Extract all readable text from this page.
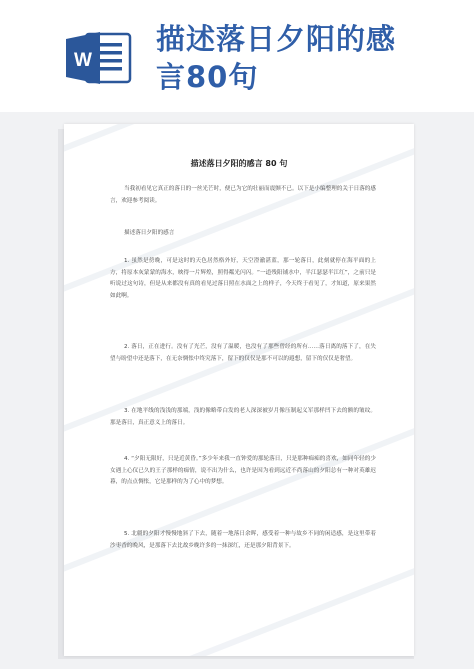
W
描述落日夕阳的感
言80句
描述落日夕阳的感言 80 句
当我初看见它真正的落日的一丝光芒时，便已为它的壮丽而震颤不已。以下是小编整理的关于日落的感言，欢迎参考阅读。
描述落日夕阳的感言
1. 虽然是傍晚，可是这时的天色居然格外好，天空澄澈湛蓝，那一轮落日，此刻就停在海平面的上方，将原本灰蒙蒙的海水，映得一片辉煌，照得粼光闪闪。“一道残阳铺水中，半江瑟瑟半江红”，之前只是听说过这句诗，但是从来都没有真的看见过落日照在水面之上的样子，今天终于看见了，才知道，原来果然如此啊。
2. 落日，正在进行。没有了光芒，没有了温暖，也没有了那些曾经的所有……落日离的落下了，在失望与盼望中还是落下，在无奈惆怅中终究落下，留下的仅仅是那不可以的遐想，留下的仅仅是奢望。
3. 在地平线的浅浅的那端，浅的像略带白发的老人深深被岁月像压制起义军那样凹下去的额的皱纹。那是落日，真正意义上的落日。
4. “夕阳无限好，只是近黄昏。”多少年来我一直钟爱的那轮落日，只是那种痴痴的喜欢，如同年轻的少女遇上心仪已久的王子那样的痴情，说不出为什么，也许是因为看到远近不尚落山的夕阳总有一种对英雄迟暮，的点点惆怅，它是那样的为了心中的梦想。
5. 北疆的夕阳才慢慢地斜了下去，随着一地落日余晖，感受着一种与故乡不同的闲适感，是这里带着沙枣香的晚风，是那落下去比故乡晚许多的一抹深红，还是那夕阳背景下。
